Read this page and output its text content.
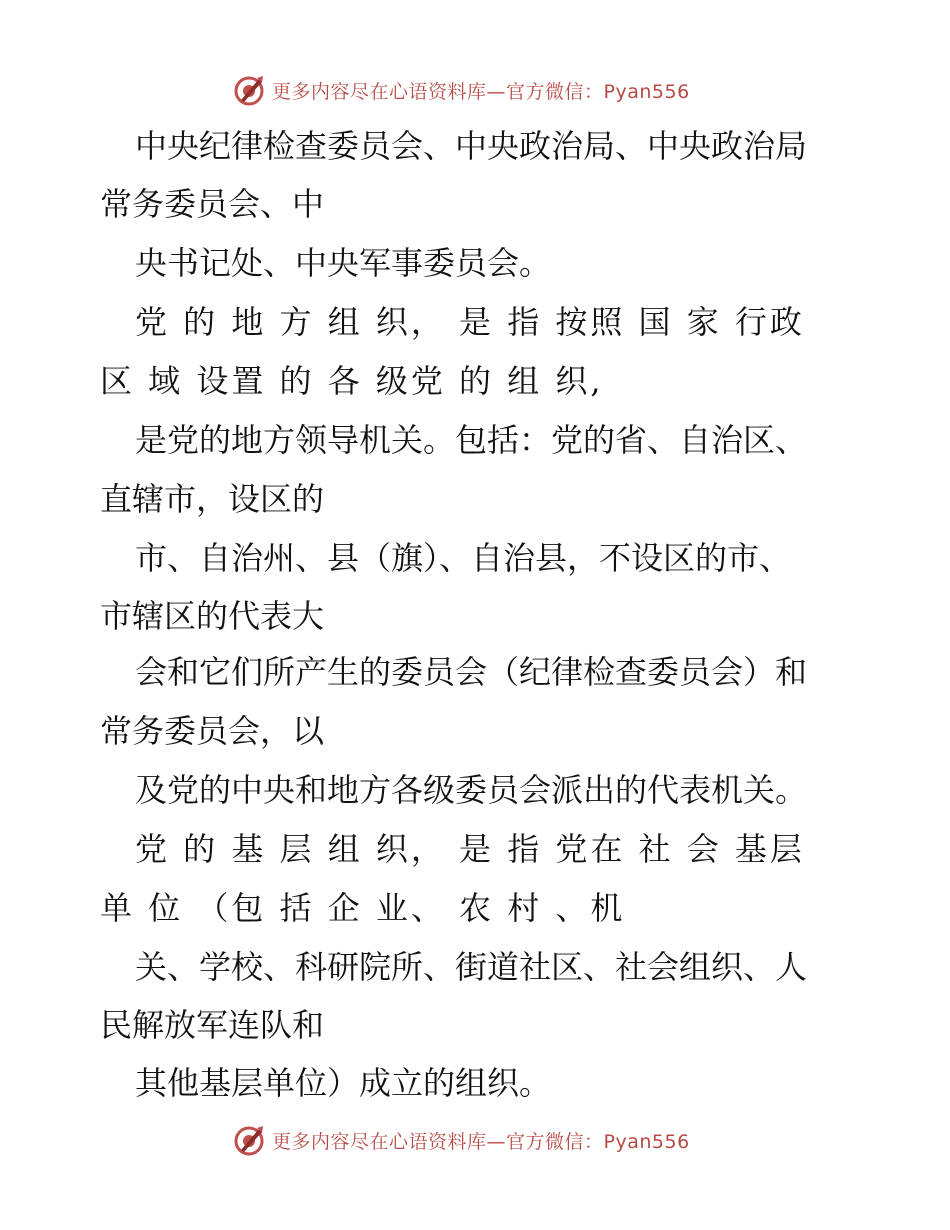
更多内容尽在心语资料库—官方微信：Pyan556
中央纪律检查委员会、中央政治局、中央政治局
常务委员会、中
央书记处、中央军事委员会。
党 的 地 方 组 织， 是 指 按照 国 家 行政
区 域 设置 的 各 级党 的 组 织,
是党的地方领导机关。包括：党的省、自治区、
直辖市，设区的
市、自治州、县（旗）、自治县，不设区的市、
市辖区的代表大
会和它们所产生的委员会（纪律检查委员会）和
常务委员会，以
及党的中央和地方各级委员会派出的代表机关。
党 的 基 层 组 织， 是 指 党在 社 会 基层
单 位 （包 括 企 业、 农 村 、机
关、学校、科研院所、街道社区、社会组织、人
民解放军连队和
其他基层单位）成立的组织。
更多内容尽在心语资料库—官方微信：Pyan556
